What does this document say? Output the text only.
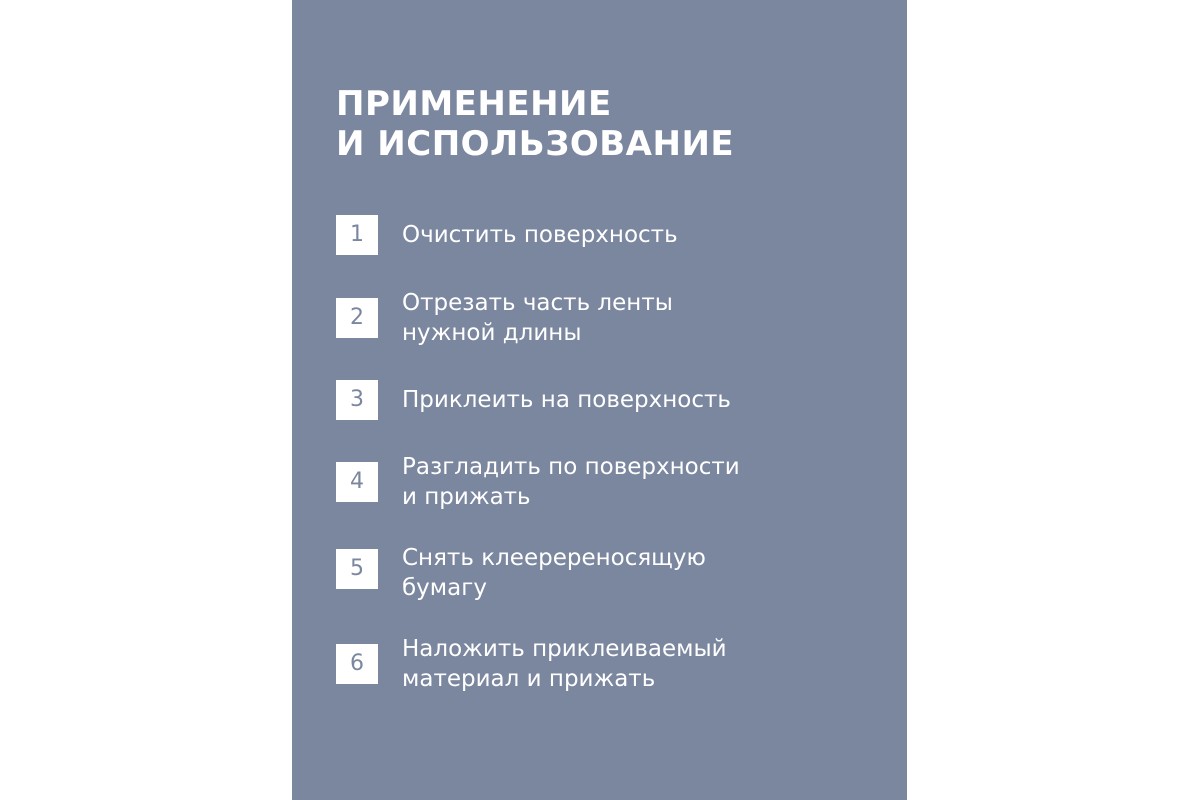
ПРИМЕНЕНИЕ
И ИСПОЛЬЗОВАНИЕ
1	Очистить поверхность
2
Отрезать часть ленты
нужной длины
3	Приклеить на поверхность
4
Разгладить по поверхности
и прижать
5	Снять клееpереносящую
бумагу
6
Наложить приклеиваемый
материал и прижать
